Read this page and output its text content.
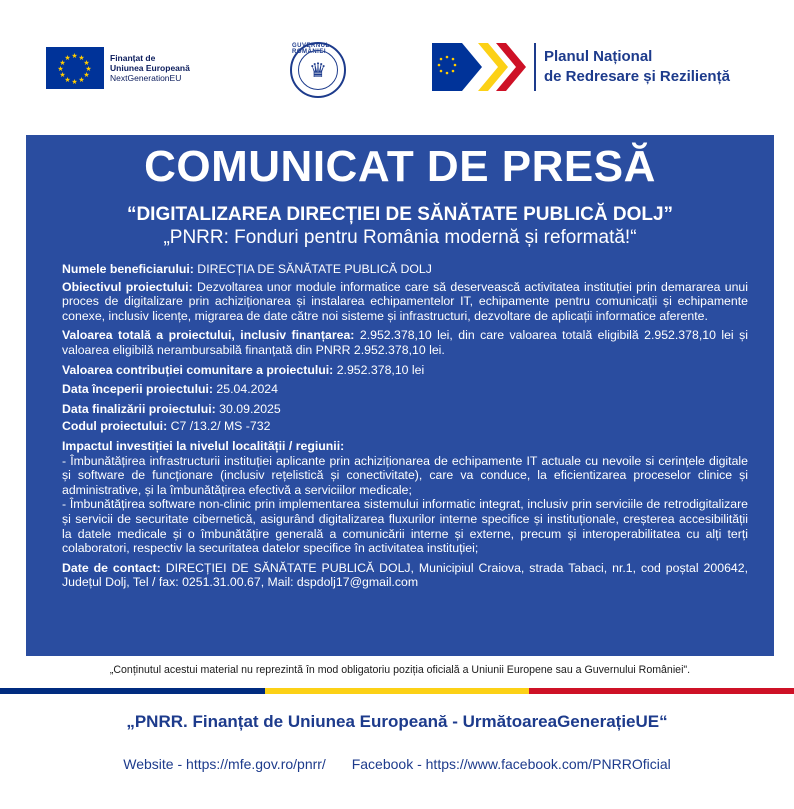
★ ★
★
★
★
★
★
★
★
★
★
★	Finanțat de
Uniunea Europeană
NextGenerationEU	♛
GUVERNUL ROMÂNIEI	Planul Național
de Redresare și Reziliență
COMUNICAT DE PRESĂ
“DIGITALIZAREA DIRECȚIEI DE SĂNĂTATE PUBLICĂ DOLJ”
„PNRR: Fonduri pentru România modernă și reformată!“

Numele beneficiarului: DIRECȚIA DE SĂNĂTATE PUBLICĂ DOLJ

Obiectivul proiectului: Dezvoltarea unor module informatice care să deservească activitatea instituției prin demararea unui proces de digitalizare prin achiziționarea și instalarea echipamentelor IT, echipamente pentru comunicații și echipamente conexe, inclusiv licențe, migrarea de date către noi sisteme și infrastructuri, dezvoltare de aplicații informatice aferente.

Valoarea totală a proiectului, inclusiv finanțarea: 2.952.378,10 lei, din care valoarea totală eligibilă 2.952.378,10 lei și valoarea eligibilă nerambursabilă finanțată din PNRR 2.952.378,10 lei.

Valoarea contribuției comunitare a proiectului: 2.952.378,10 lei

Data începerii proiectului: 25.04.2024

Data finalizării proiectului: 30.09.2025

Codul proiectului: C7 /13.2/ MS -732

Impactul investiției la nivelul localității / regiunii:

- Îmbunătățirea infrastructurii instituției aplicante prin achiziționarea de echipamente IT actuale cu nevoile si cerințele digitale și software de funcționare (inclusiv rețelistică și conectivitate), care va conduce, la eficientizarea proceselor clinice și administrative, și la îmbunătățirea efectivă a serviciilor medicale;

- Îmbunătățirea software non-clinic prin implementarea sistemului informatic integrat, inclusiv prin serviciile de retrodigitalizare și servicii de securitate cibernetică, asigurând digitalizarea fluxurilor interne specifice și instituționale, creșterea accesibilității la datele medicale și o îmbunătățire generală a comunicării interne și externe, precum și interoperabilitatea cu alți terți colaboratori, respectiv la securitatea datelor specifice în activitatea instituției;

Date de contact: DIRECȚIEI DE SĂNĂTATE PUBLICĂ DOLJ, Municipiul Craiova, strada Tabaci, nr.1, cod poștal 200642, Județul Dolj, Tel / fax: 0251.31.00.67, Mail: dspdolj17@gmail.com

„Conținutul acestui material nu reprezintă în mod obligatoriu poziția oficială a Uniunii Europene sau a Guvernului României".
„PNRR. Finanțat de Uniunea Europeană - UrmătoareaGenerațieUE“
Website - https://mfe.gov.ro/pnrr/ Facebook - https://www.facebook.com/PNRROficial
